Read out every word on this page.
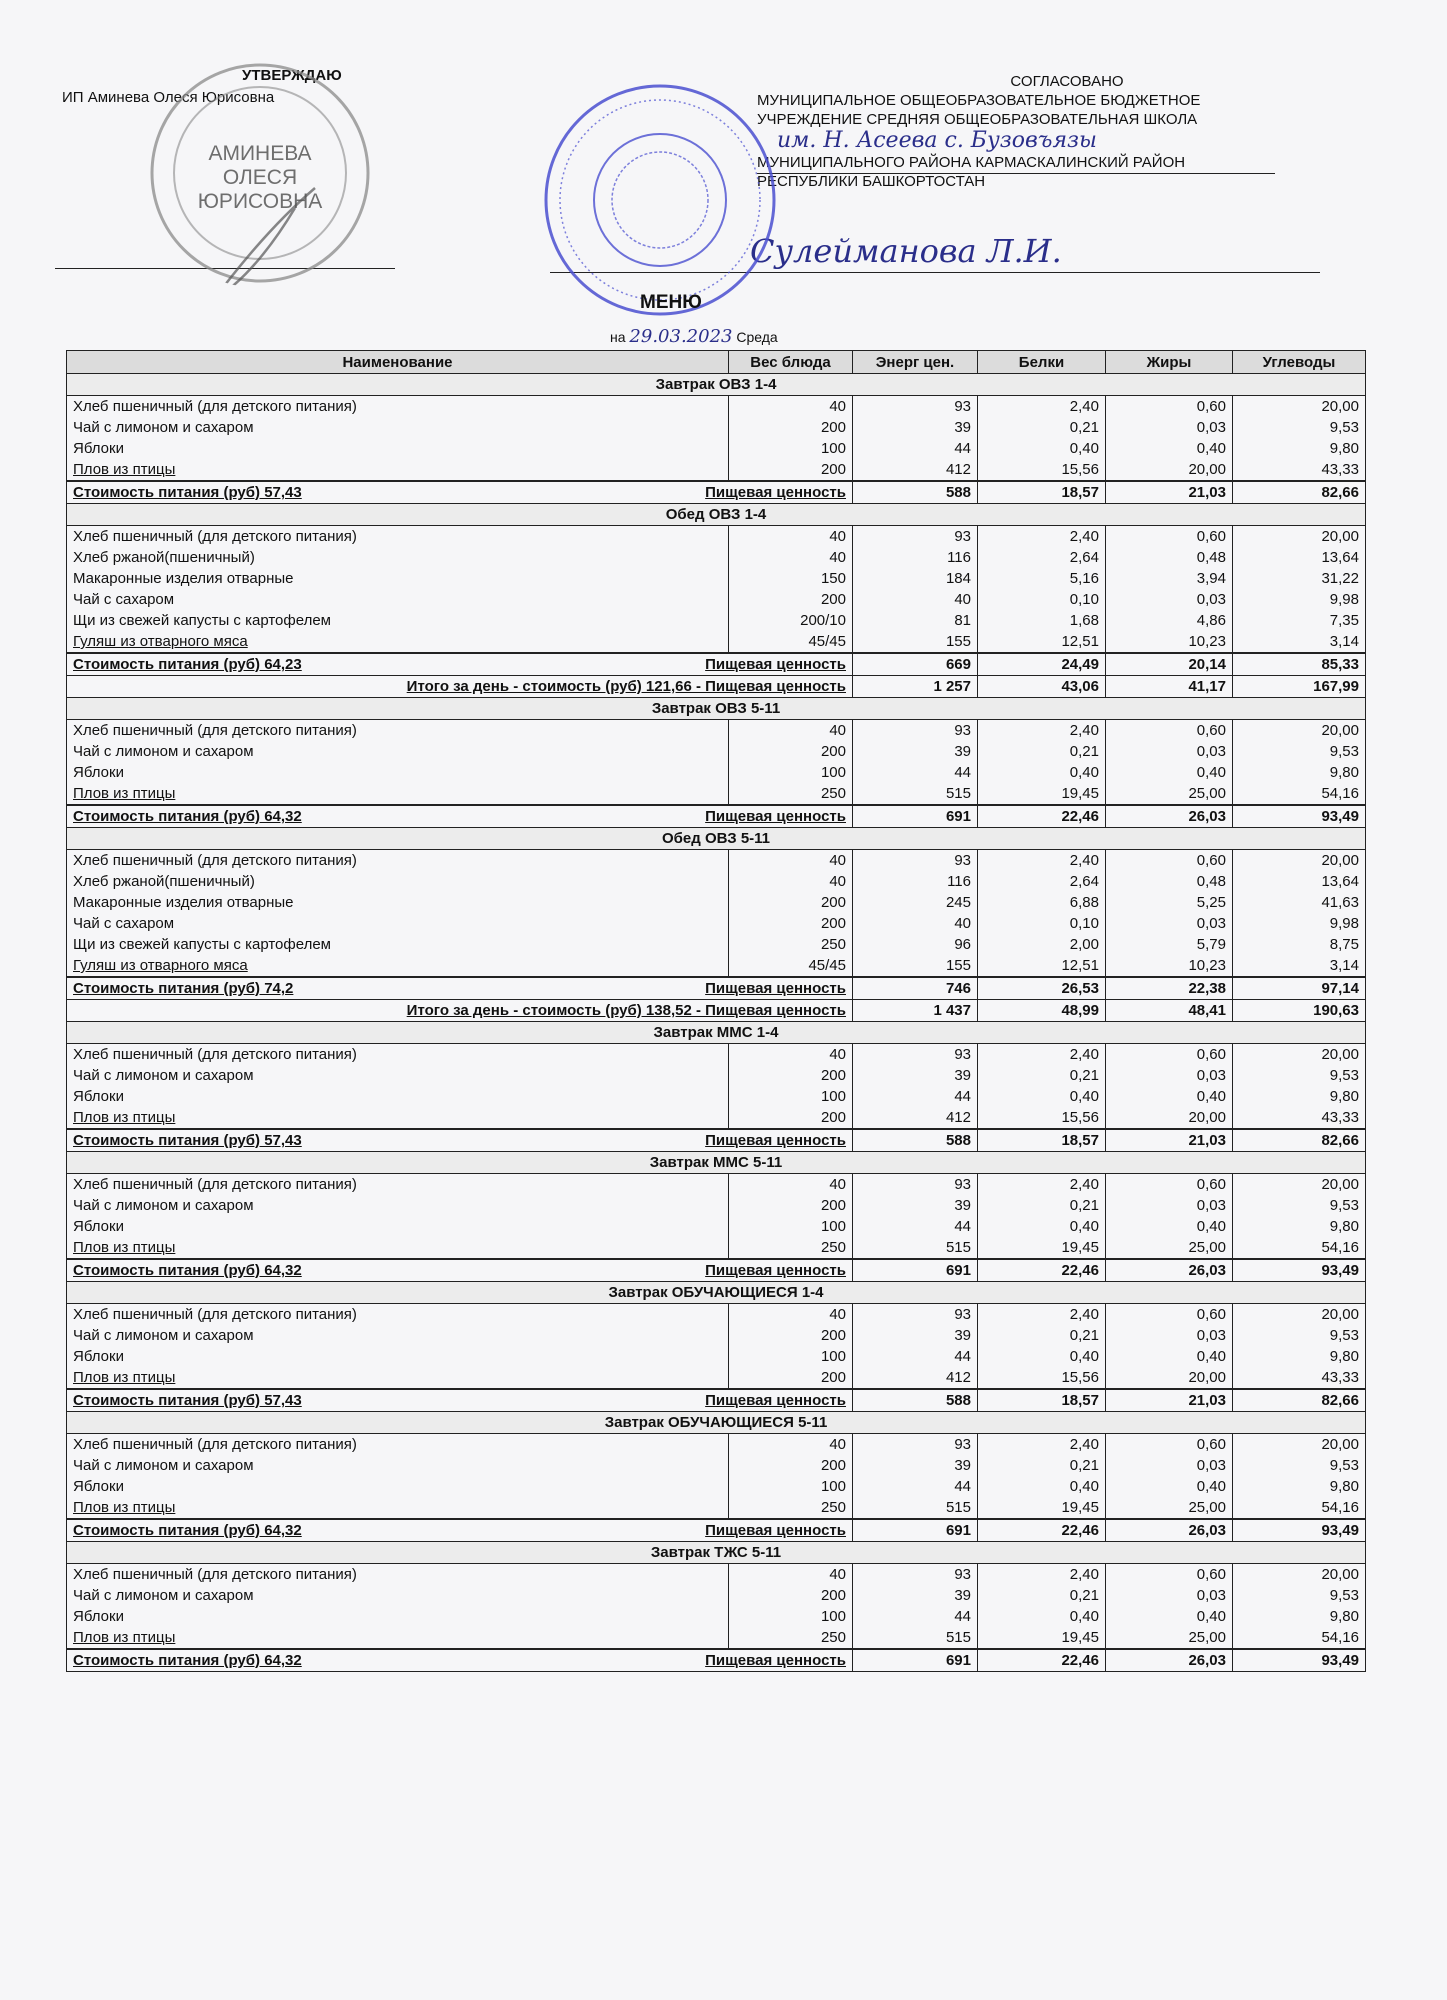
УТВЕРЖДАЮ
ИП Аминева Олеся Юрисовна
АМИНЕВА ОЛЕСЯ ЮРИСОВНА
СОГЛАСОВАНО
МУНИЦИПАЛЬНОЕ ОБЩЕОБРАЗОВАТЕЛЬНОЕ БЮДЖЕТНОЕ
УЧРЕЖДЕНИЕ СРЕДНЯЯ ОБЩЕОБРАЗОВАТЕЛЬНАЯ ШКОЛА
им. Н. Асеева с. Бузовъязы
МУНИЦИПАЛЬНОГО РАЙОНА КАРМАСКАЛИНСКИЙ РАЙОН
РЕСПУБЛИКИ БАШКОРТОСТАН
Сулейманова Л.И.
МЕНЮ
на 29.03.2023 Среда
Наименование	Вес блюда	Энерг цен.	Белки	Жиры	Углеводы
Завтрак ОВЗ 1-4					
Хлеб пшеничный (для детского питания)	40	93	2,40	0,60	20,00
Чай с лимоном и сахаром	200	39	0,21	0,03	9,53
Яблоки	100	44	0,40	0,40	9,80
Плов из птицы	200	412	15,56	20,00	43,33
Стоимость питания (руб) 57,43 Пищевая ценность		588	18,57	21,03	82,66
Обед ОВЗ 1-4					
Хлеб пшеничный (для детского питания)	40	93	2,40	0,60	20,00
Хлеб ржаной(пшеничный)	40	116	2,64	0,48	13,64
Макаронные изделия отварные	150	184	5,16	3,94	31,22
Чай с сахаром	200	40	0,10	0,03	9,98
Щи из свежей капусты с картофелем	200/10	81	1,68	4,86	7,35
Гуляш из отварного мяса	45/45	155	12,51	10,23	3,14
Стоимость питания (руб) 64,23 Пищевая ценность		669	24,49	20,14	85,33
Итого за день - стоимость (руб) 121,66 - Пищевая ценность		1 257	43,06	41,17	167,99
Завтрак ОВЗ 5-11					
Хлеб пшеничный (для детского питания)	40	93	2,40	0,60	20,00
Чай с лимоном и сахаром	200	39	0,21	0,03	9,53
Яблоки	100	44	0,40	0,40	9,80
Плов из птицы	250	515	19,45	25,00	54,16
Стоимость питания (руб) 64,32 Пищевая ценность		691	22,46	26,03	93,49
Обед ОВЗ 5-11					
Хлеб пшеничный (для детского питания)	40	93	2,40	0,60	20,00
Хлеб ржаной(пшеничный)	40	116	2,64	0,48	13,64
Макаронные изделия отварные	200	245	6,88	5,25	41,63
Чай с сахаром	200	40	0,10	0,03	9,98
Щи из свежей капусты с картофелем	250	96	2,00	5,79	8,75
Гуляш из отварного мяса	45/45	155	12,51	10,23	3,14
Стоимость питания (руб) 74,2 Пищевая ценность		746	26,53	22,38	97,14
Итого за день - стоимость (руб) 138,52 - Пищевая ценность		1 437	48,99	48,41	190,63
Завтрак ММС 1-4					
Хлеб пшеничный (для детского питания)	40	93	2,40	0,60	20,00
Чай с лимоном и сахаром	200	39	0,21	0,03	9,53
Яблоки	100	44	0,40	0,40	9,80
Плов из птицы	200	412	15,56	20,00	43,33
Стоимость питания (руб) 57,43 Пищевая ценность		588	18,57	21,03	82,66
Завтрак ММС 5-11					
Хлеб пшеничный (для детского питания)	40	93	2,40	0,60	20,00
Чай с лимоном и сахаром	200	39	0,21	0,03	9,53
Яблоки	100	44	0,40	0,40	9,80
Плов из птицы	250	515	19,45	25,00	54,16
Стоимость питания (руб) 64,32 Пищевая ценность		691	22,46	26,03	93,49
Завтрак ОБУЧАЮЩИЕСЯ 1-4					
Хлеб пшеничный (для детского питания)	40	93	2,40	0,60	20,00
Чай с лимоном и сахаром	200	39	0,21	0,03	9,53
Яблоки	100	44	0,40	0,40	9,80
Плов из птицы	200	412	15,56	20,00	43,33
Стоимость питания (руб) 57,43 Пищевая ценность		588	18,57	21,03	82,66
Завтрак ОБУЧАЮЩИЕСЯ 5-11					
Хлеб пшеничный (для детского питания)	40	93	2,40	0,60	20,00
Чай с лимоном и сахаром	200	39	0,21	0,03	9,53
Яблоки	100	44	0,40	0,40	9,80
Плов из птицы	250	515	19,45	25,00	54,16
Стоимость питания (руб) 64,32 Пищевая ценность		691	22,46	26,03	93,49
Завтрак ТЖС 5-11					
Хлеб пшеничный (для детского питания)	40	93	2,40	0,60	20,00
Чай с лимоном и сахаром	200	39	0,21	0,03	9,53
Яблоки	100	44	0,40	0,40	9,80
Плов из птицы	250	515	19,45	25,00	54,16
Стоимость питания (руб) 64,32 Пищевая ценность		691	22,46	26,03	93,49
